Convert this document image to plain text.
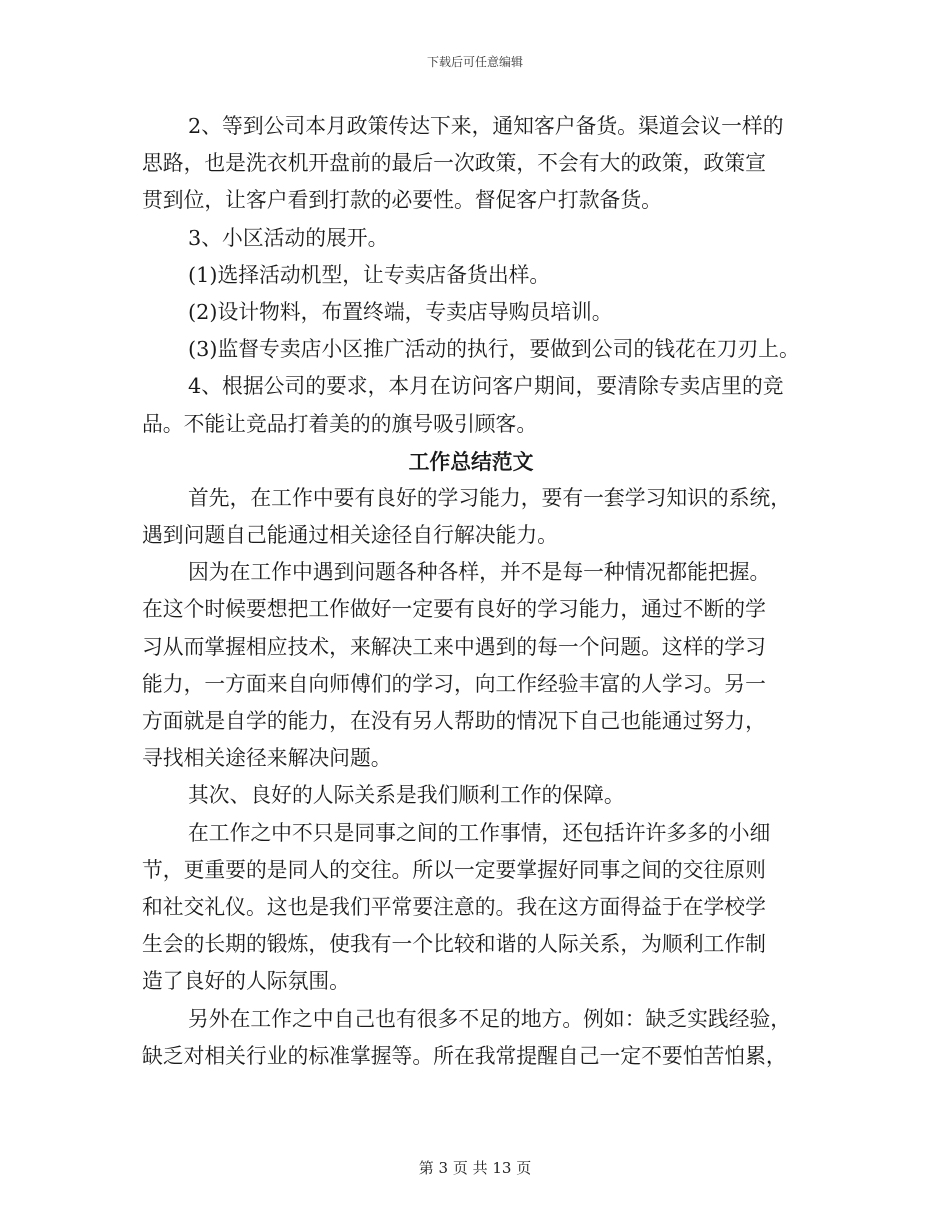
下载后可任意编辑
2、等到公司本月政策传达下来，通知客户备货。渠道会议一样的
思路，也是洗衣机开盘前的最后一次政策，不会有大的政策，政策宣
贯到位，让客户看到打款的必要性。督促客户打款备货。
3、小区活动的展开。
(1)选择活动机型，让专卖店备货出样。
(2)设计物料，布置终端，专卖店导购员培训。
(3)监督专卖店小区推广活动的执行，要做到公司的钱花在刀刃上。
4、根据公司的要求，本月在访问客户期间，要清除专卖店里的竞
品。不能让竞品打着美的的旗号吸引顾客。
工作总结范文
首先，在工作中要有良好的学习能力，要有一套学习知识的系统，
遇到问题自己能通过相关途径自行解决能力。
因为在工作中遇到问题各种各样，并不是每一种情况都能把握。
在这个时候要想把工作做好一定要有良好的学习能力，通过不断的学
习从而掌握相应技术，来解决工来中遇到的每一个问题。这样的学习
能力，一方面来自向师傅们的学习，向工作经验丰富的人学习。另一
方面就是自学的能力，在没有另人帮助的情况下自己也能通过努力，
寻找相关途径来解决问题。
其次、良好的人际关系是我们顺利工作的保障。
在工作之中不只是同事之间的工作事情，还包括许许多多的小细
节，更重要的是同人的交往。所以一定要掌握好同事之间的交往原则
和社交礼仪。这也是我们平常要注意的。我在这方面得益于在学校学
生会的长期的锻炼，使我有一个比较和谐的人际关系，为顺利工作制
造了良好的人际氛围。
另外在工作之中自己也有很多不足的地方。例如：缺乏实践经验，
缺乏对相关行业的标准掌握等。所在我常提醒自己一定不要怕苦怕累，
第 3 页 共 13 页
